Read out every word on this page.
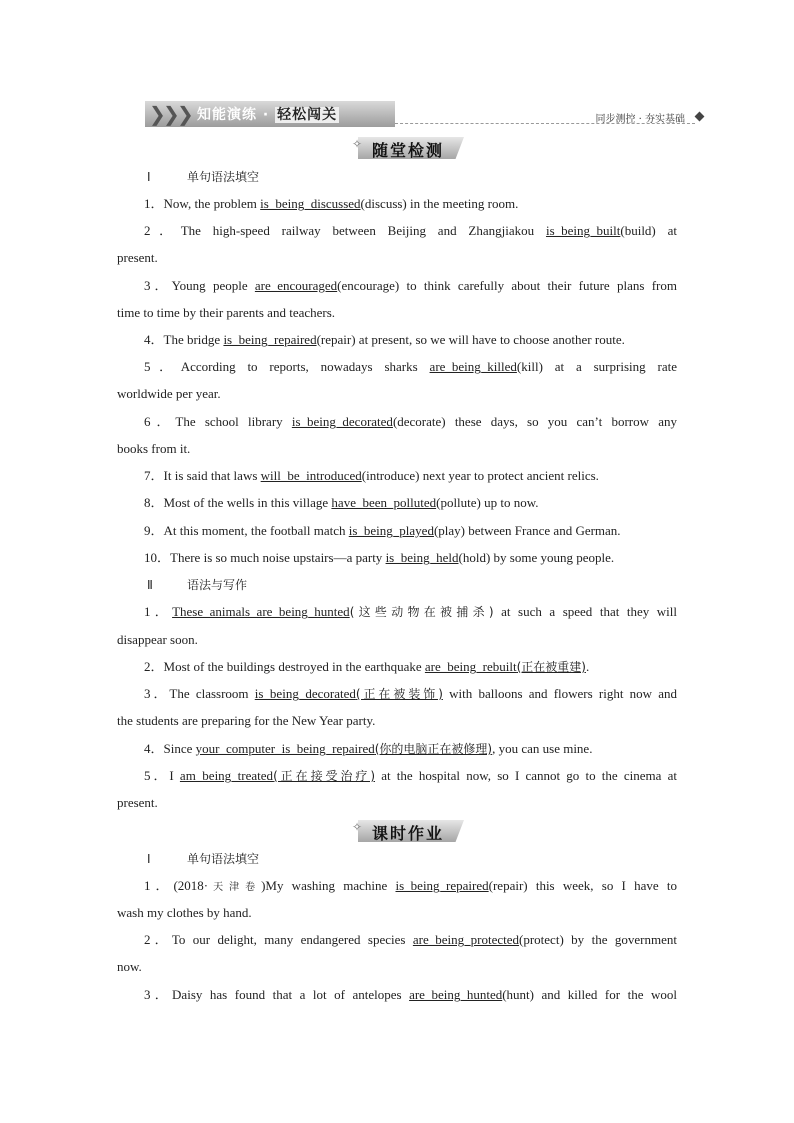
❯
❯
❯ 知能演练 · 轻松闯关	同步测控 · 夯实基础
✧ 随堂检测
Ⅰ	单句语法填空
1．Now, the problem is_being_discussed(discuss) in the meeting room.
2．The high-speed railway between Beijing and Zhangjiakou is_being_built(build) at
present.
3．Young people are_encouraged(encourage) to think carefully about their future plans from
time to time by their parents and teachers.
4．The bridge is_being_repaired(repair) at present, so we will have to choose another route.
5．According to reports, nowadays sharks are_being_killed(kill) at a surprising rate
worldwide per year.
6．The school library is_being_decorated(decorate) these days, so you can’t borrow any
books from it.
7．It is said that laws will_be_introduced(introduce) next year to protect ancient relics.
8．Most of the wells in this village have_been_polluted(pollute) up to now.
9．At this moment, the football match is_being_played(play) between France and German.
10．There is so much noise upstairs—a party is_being_held(hold) by some young people.
Ⅱ	语法与写作
1．These_animals_are_being_hunted(这些动物在被捕杀) at such a speed that they will
disappear soon.
2．Most of the buildings destroyed in the earthquake are_being_rebuilt(正在被重建).
3．The classroom is_being_decorated(正在被装饰) with balloons and flowers right now and
the students are preparing for the New Year party.
4．Since your_computer_is_being_repaired(你的电脑正在被修理), you can use mine.
5．I am_being_treated(正在接受治疗) at the hospital now, so I cannot go to the cinema at
present.
✧ 课时作业
Ⅰ	单句语法填空
1．(2018·天津卷)My washing machine is_being_repaired(repair) this week, so I have to
wash my clothes by hand.
2．To our delight, many endangered species are_being_protected(protect) by the government
now.
3．Daisy has found that a lot of antelopes are_being_hunted(hunt) and killed for the wool
